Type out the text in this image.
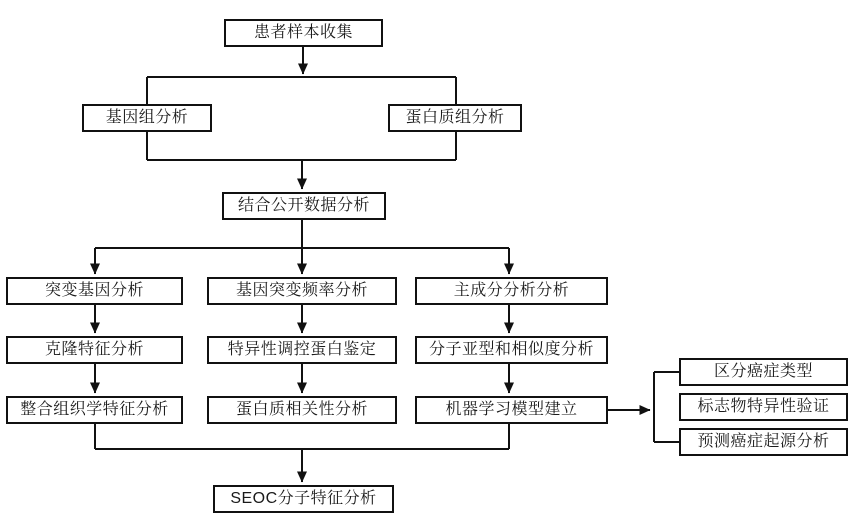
患者样本收集
基因组分析	蛋白质组分析
结合公开数据分析
突变基因分析	基因突变频率分析	主成分分析分析
克隆特征分析	特异性调控蛋白鉴定	分子亚型和相似度分析
整合组织学特征分析	蛋白质相关性分析	机器学习模型建立
区分癌症类型
标志物特异性验证
预测癌症起源分析
SEOC分子特征分析
